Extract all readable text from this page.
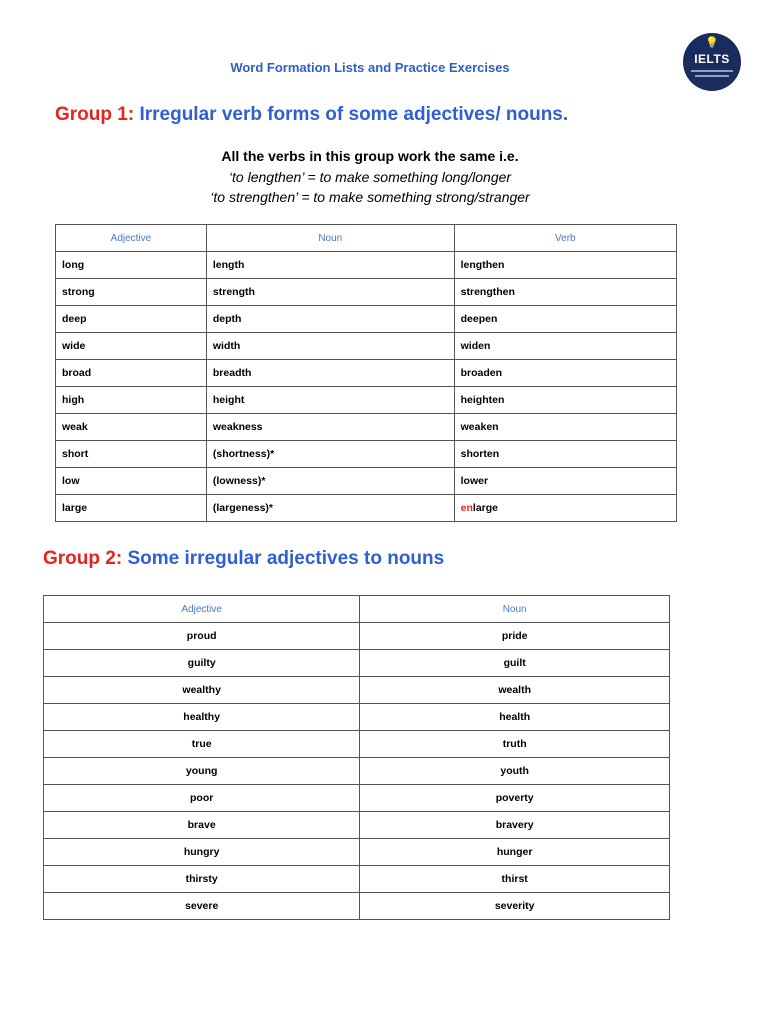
Word Formation Lists and Practice Exercises
💡
IELTS
Group 1: Irregular verb forms of some adjectives/ nouns.
All the verbs in this group work the same i.e.
‘to lengthen’ = to make something long/longer
‘to strengthen’ = to make something strong/stranger
Adjective	Noun	Verb
long	length	lengthen
strong	strength	strengthen
deep	depth	deepen
wide	width	widen
broad	breadth	broaden
high	height	heighten
weak	weakness	weaken
short	(shortness)*	shorten
low	(lowness)*	lower
large	(largeness)*	enlarge
Group 2: Some irregular adjectives to nouns
Adjective	Noun
proud	pride
guilty	guilt
wealthy	wealth
healthy	health
true	truth
young	youth
poor	poverty
brave	bravery
hungry	hunger
thirsty	thirst
severe	severity
